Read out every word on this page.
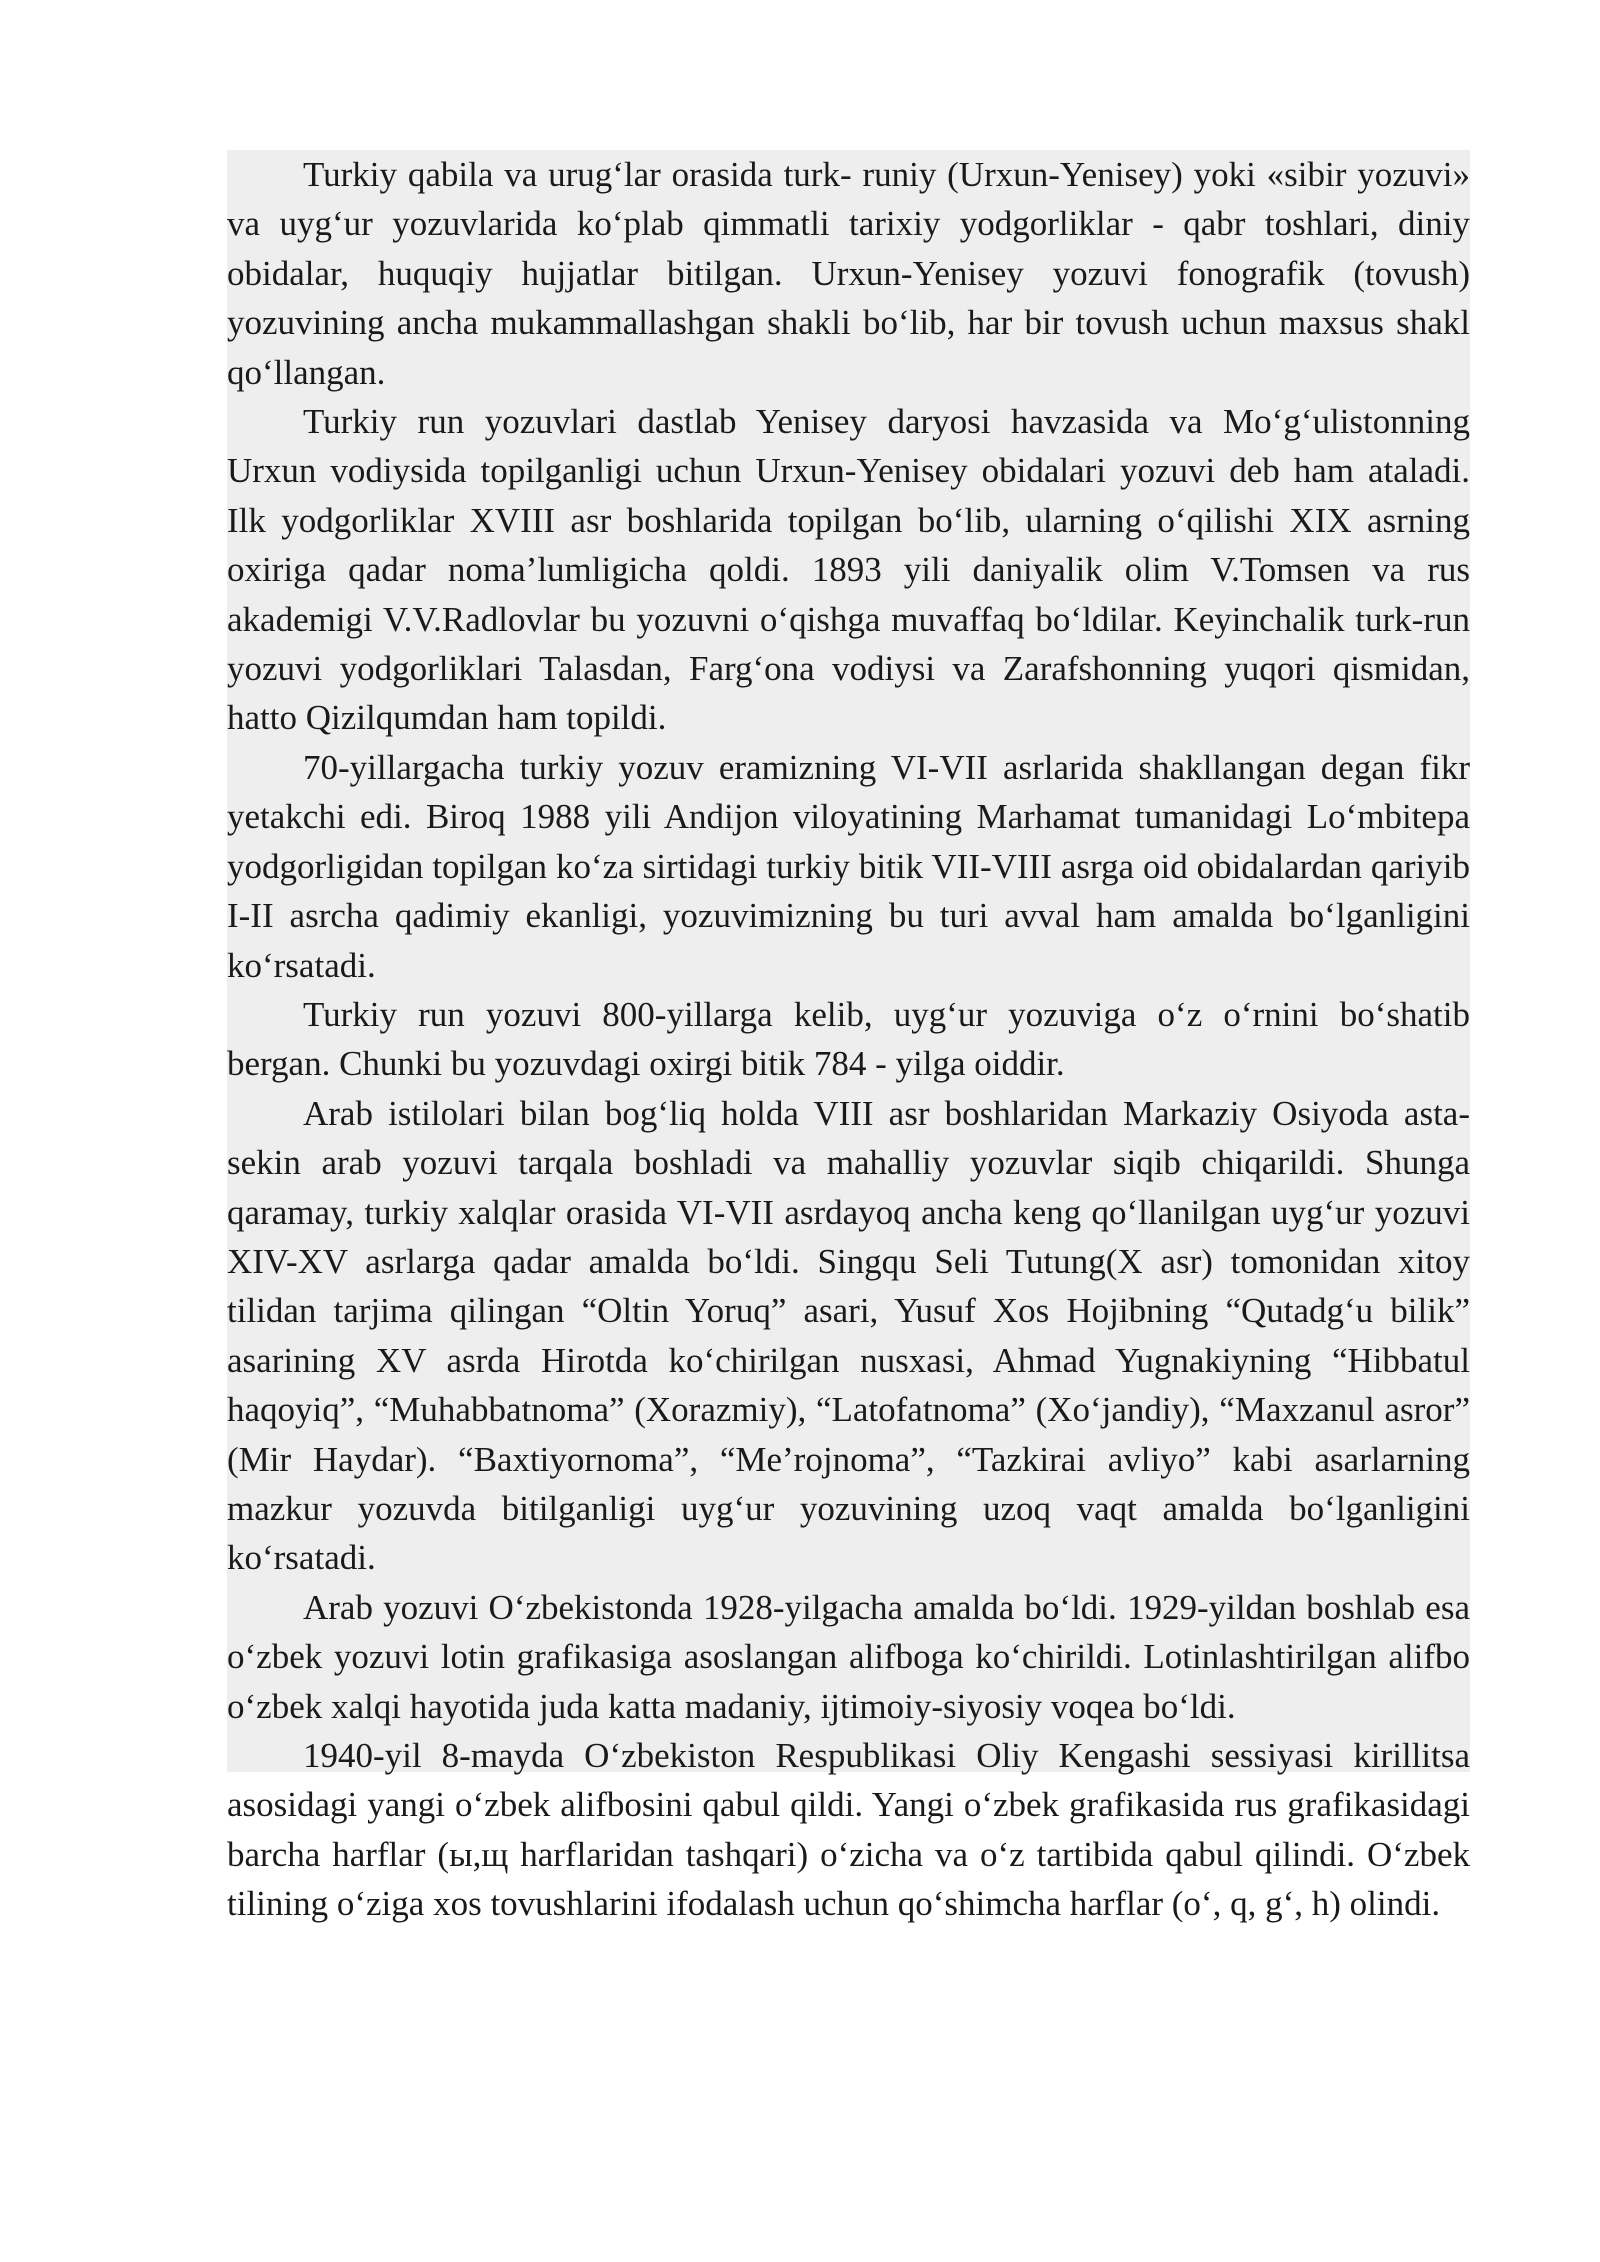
Turkiy qabila va urug‘lar orasida turk- runiy (Urxun-Yenisey) yoki «sibir yozuvi» va uyg‘ur yozuvlarida ko‘plab qimmatli tarixiy yodgorliklar - qabr toshlari, diniy obidalar, huquqiy hujjatlar bitilgan. Urxun-Yenisey yozuvi fonografik (tovush) yozuvining ancha mukammallashgan shakli bo‘lib, har bir tovush uchun maxsus shakl qo‘llangan.

Turkiy run yozuvlari dastlab Yenisey daryosi havzasida va Mo‘g‘ulistonning Urxun vodiysida topilganligi uchun Urxun-Yenisey obidalari yozuvi deb ham ataladi. Ilk yodgorliklar XVIII asr boshlarida topilgan bo‘lib, ularning o‘qilishi XIX asrning oxiriga qadar noma’lumligicha qoldi. 1893 yili daniyalik olim V.Tomsen va rus akademigi V.V.Radlovlar bu yozuvni o‘qishga muvaffaq bo‘ldilar. Keyinchalik turk-run yozuvi yodgorliklari Talasdan, Farg‘ona vodiysi va Zarafshonning yuqori qismidan, hatto Qizilqumdan ham topildi.

70-yillargacha turkiy yozuv eramizning VI-VII asrlarida shakllangan degan fikr yetakchi edi. Biroq 1988 yili Andijon viloyatining Marhamat tumanidagi Lo‘mbitepa yodgorligidan topilgan ko‘za sirtidagi turkiy bitik VII-VIII asrga oid obidalardan qariyib I-II asrcha qadimiy ekanligi, yozuvimizning bu turi avval ham amalda bo‘lganligini ko‘rsatadi.

Turkiy run yozuvi 800-yillarga kelib, uyg‘ur yozuviga o‘z o‘rnini bo‘shatib bergan. Chunki bu yozuvdagi oxirgi bitik 784 - yilga oiddir.

Arab istilolari bilan bog‘liq holda VIII asr boshlaridan Markaziy Osiyoda asta-sekin arab yozuvi tarqala boshladi va mahalliy yozuvlar siqib chiqarildi. Shunga qaramay, turkiy xalqlar orasida VI-VII asrdayoq ancha keng qo‘llanilgan uyg‘ur yozuvi XIV-XV asrlarga qadar amalda bo‘ldi. Singqu Seli Tutung(X asr) tomonidan xitoy tilidan tarjima qilingan “Oltin Yoruq” asari, Yusuf Xos Hojibning “Qutadg‘u bilik” asarining XV asrda Hirotda ko‘chirilgan nusxasi, Ahmad Yugnakiyning “Hibbatul haqoyiq”, “Muhabbatnoma” (Xorazmiy), “Latofatnoma” (Xo‘jandiy), “Maxzanul asror” (Mir Haydar). “Baxtiyornoma”, “Me’rojnoma”, “Tazkirai avliyo” kabi asarlarning mazkur yozuvda bitilganligi uyg‘ur yozuvining uzoq vaqt amalda bo‘lganligini ko‘rsatadi.

Arab yozuvi O‘zbekistonda 1928-yilgacha amalda bo‘ldi. 1929-yildan boshlab esa o‘zbek yozuvi lotin grafikasiga asoslangan alifboga ko‘chirildi. Lotinlashtirilgan alifbo o‘zbek xalqi hayotida juda katta madaniy, ijtimoiy-siyosiy voqea bo‘ldi.

1940-yil 8-mayda O‘zbekiston Respublikasi Oliy Kengashi sessiyasi kirillitsa asosidagi yangi o‘zbek alifbosini qabul qildi. Yangi o‘zbek grafikasida rus grafikasidagi barcha harflar (ы,щ harflaridan tashqari) o‘zicha va o‘z tartibida qabul qilindi. O‘zbek tilining o‘ziga xos tovushlarini ifodalash uchun qo‘shimcha harflar (o‘, q, g‘, h) olindi.
